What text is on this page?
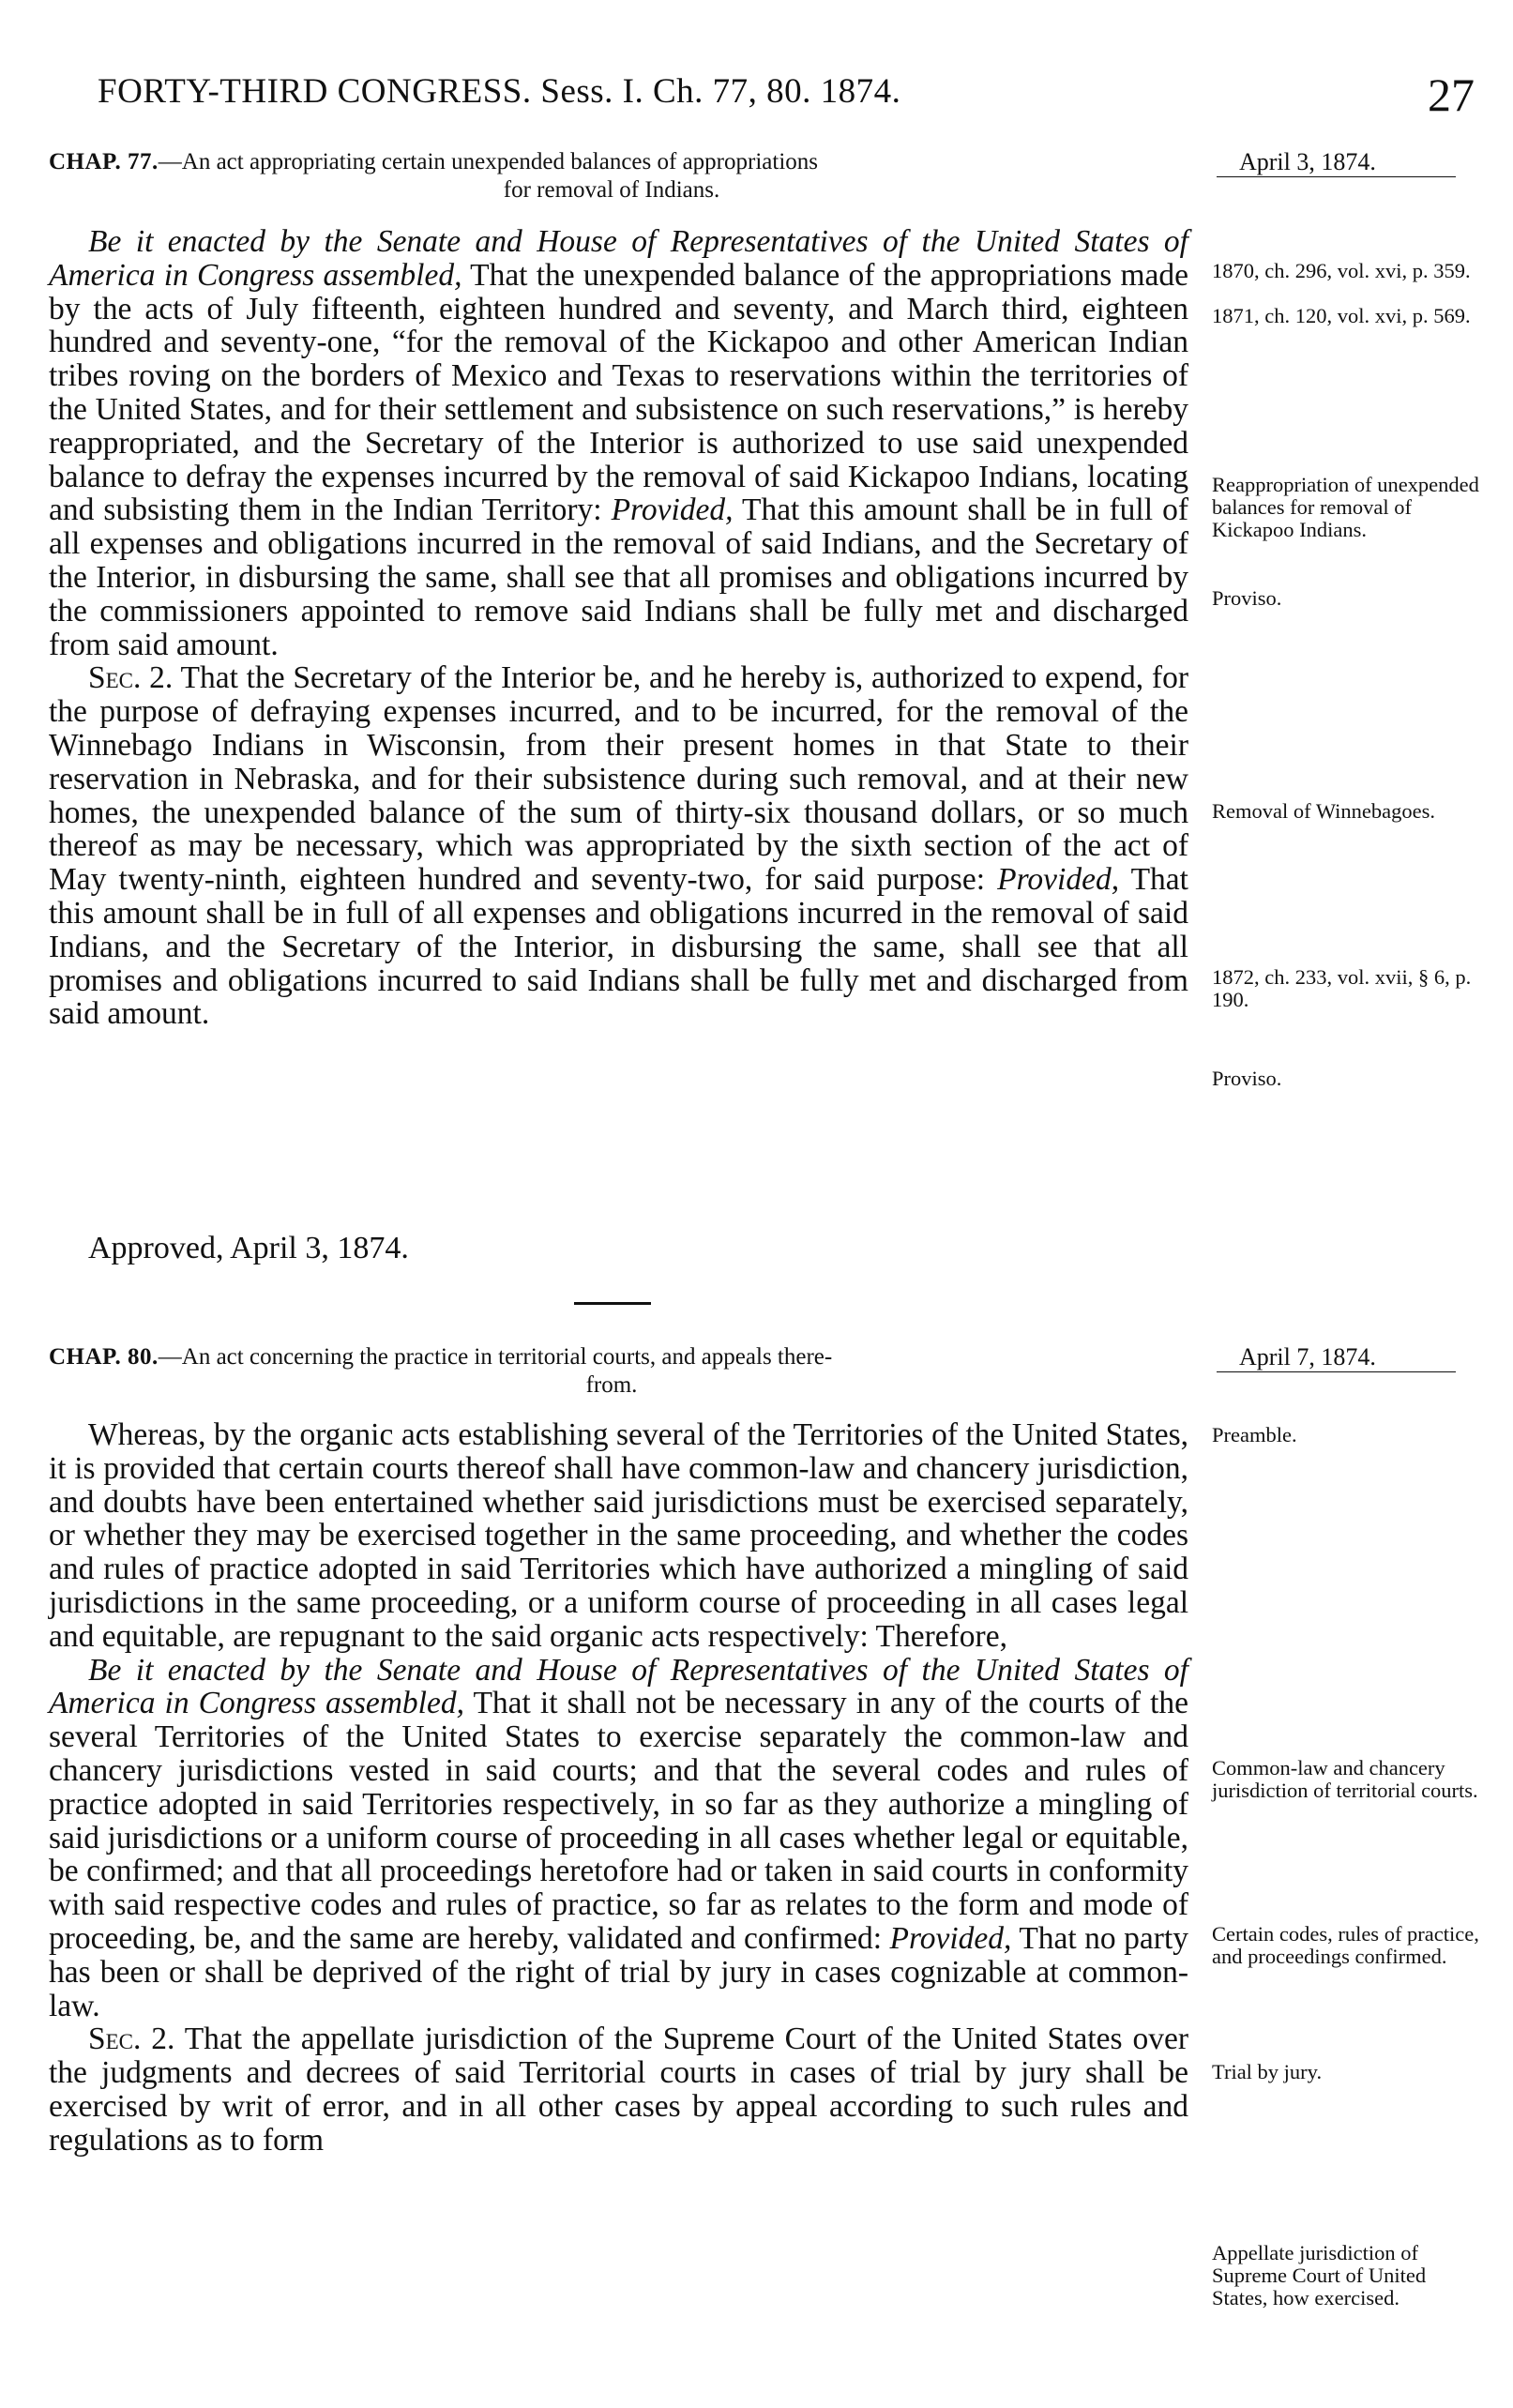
FORTY-THIRD CONGRESS. Sess. I. Ch. 77, 80. 1874.	27
CHAP. 77.—An act appropriating certain unexpended balances of appropriations
for removal of Indians.
April 3, 1874.

Be it enacted by the Senate and House of Representatives of the United States of America in Congress assembled, That the unexpended balance of the appropriations made by the acts of July fifteenth, eighteen hundred and seventy, and March third, eighteen hundred and seventy-one, “for the removal of the Kickapoo and other American Indian tribes roving on the borders of Mexico and Texas to reservations within the territories of the United States, and for their settlement and subsistence on such reservations,” is hereby reappropriated, and the Secretary of the Interior is authorized to use said unexpended balance to defray the expenses incurred by the removal of said Kickapoo Indians, locating and subsisting them in the Indian Territory: Provided, That this amount shall be in full of all expenses and obligations incurred in the removal of said Indians, and the Secretary of the Interior, in disbursing the same, shall see that all promises and obligations incurred by the commissioners appointed to remove said Indians shall be fully met and discharged from said amount.

Sec. 2. That the Secretary of the Interior be, and he hereby is, authorized to expend, for the purpose of defraying expenses incurred, and to be incurred, for the removal of the Winnebago Indians in Wisconsin, from their present homes in that State to their reservation in Nebraska, and for their subsistence during such removal, and at their new homes, the unexpended balance of the sum of thirty-six thousand dollars, or so much thereof as may be necessary, which was appropriated by the sixth section of the act of May twenty-ninth, eighteen hundred and seventy-two, for said purpose: Provided, That this amount shall be in full of all expenses and obligations incurred in the removal of said Indians, and the Secretary of the Interior, in disbursing the same, shall see that all promises and obligations incurred to said Indians shall be fully met and discharged from said amount.

Approved, April 3, 1874.
1870, ch. 296, vol. xvi, p. 359.
1871, ch. 120, vol. xvi, p. 569.
Reappropriation of unexpended balances for removal of Kickapoo Indians.
Proviso.
Removal of Winnebagoes.
1872, ch. 233, vol. xvii, § 6, p. 190.
Proviso.
CHAP. 80.—An act concerning the practice in territorial courts, and appeals there-
from.
April 7, 1874.

Whereas, by the organic acts establishing several of the Territories of the United States, it is provided that certain courts thereof shall have common-law and chancery jurisdiction, and doubts have been entertained whether said jurisdictions must be exercised separately, or whether they may be exercised together in the same proceeding, and whether the codes and rules of practice adopted in said Territories which have authorized a mingling of said jurisdictions in the same proceeding, or a uniform course of proceeding in all cases legal and equitable, are repugnant to the said organic acts respectively: Therefore,

Be it enacted by the Senate and House of Representatives of the United States of America in Congress assembled, That it shall not be necessary in any of the courts of the several Territories of the United States to exercise separately the common-law and chancery jurisdictions vested in said courts; and that the several codes and rules of practice adopted in said Territories respectively, in so far as they authorize a mingling of said jurisdictions or a uniform course of proceeding in all cases whether legal or equitable, be confirmed; and that all proceedings heretofore had or taken in said courts in conformity with said respective codes and rules of practice, so far as relates to the form and mode of proceeding, be, and the same are hereby, validated and confirmed: Provided, That no party has been or shall be deprived of the right of trial by jury in cases cognizable at common-law.

Sec. 2. That the appellate jurisdiction of the Supreme Court of the United States over the judgments and decrees of said Territorial courts in cases of trial by jury shall be exercised by writ of error, and in all other cases by appeal according to such rules and regulations as to form

Preamble.
Common-law and chancery jurisdiction of territorial courts.
Certain codes, rules of practice, and proceedings confirmed.
Trial by jury.
Appellate jurisdiction of Supreme Court of United States, how exercised.
